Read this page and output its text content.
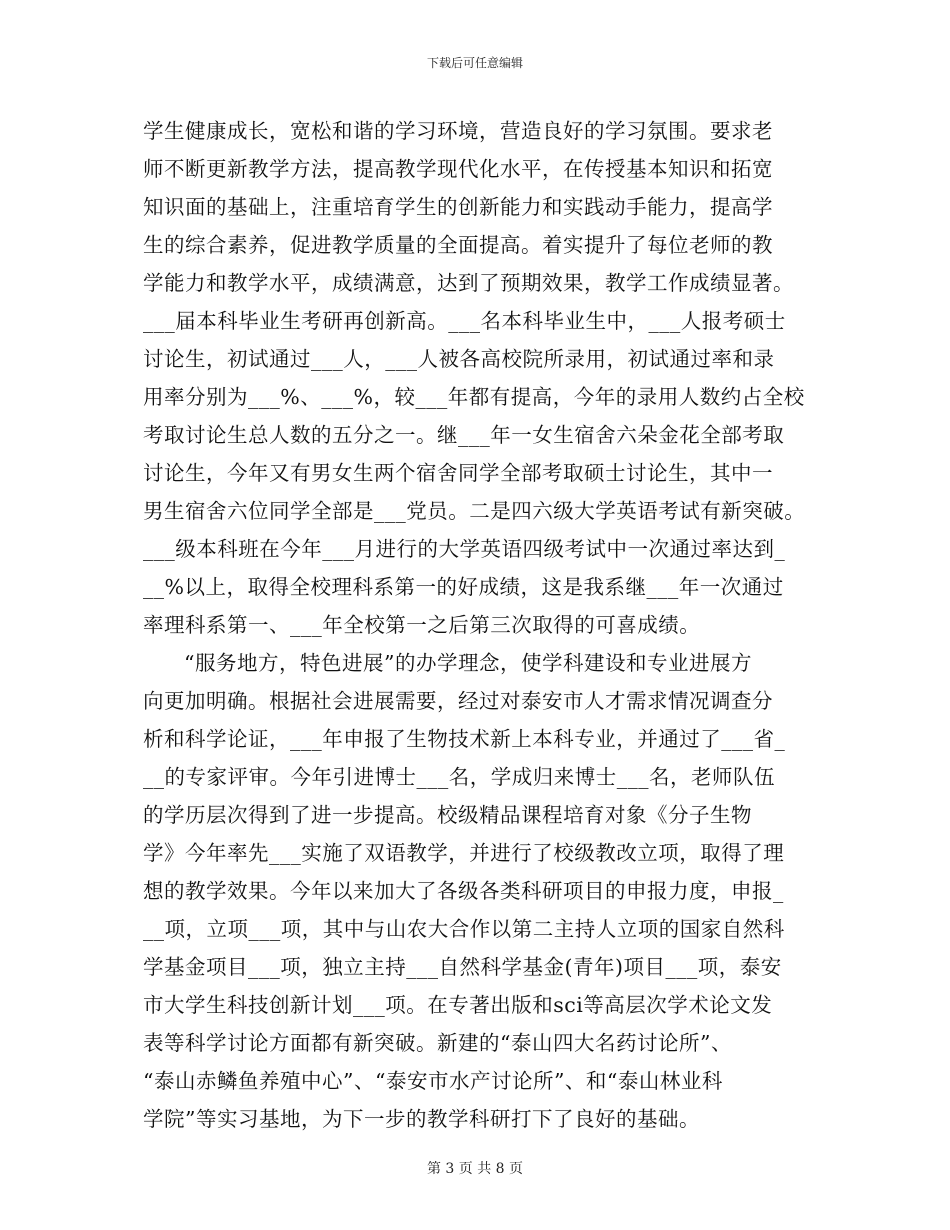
下载后可任意编辑
学生健康成长，宽松和谐的学习环境，营造良好的学习氛围。要求老
师不断更新教学方法，提高教学现代化水平，在传授基本知识和拓宽
知识面的基础上，注重培育学生的创新能力和实践动手能力，提高学
生的综合素养，促进教学质量的全面提高。着实提升了每位老师的教
学能力和教学水平，成绩满意，达到了预期效果，教学工作成绩显著。
___届本科毕业生考研再创新高。___名本科毕业生中，___人报考硕士
讨论生，初试通过___人，___人被各高校院所录用，初试通过率和录
用率分别为___%、___%，较___年都有提高，今年的录用人数约占全校
考取讨论生总人数的五分之一。继___年一女生宿舍六朵金花全部考取
讨论生，今年又有男女生两个宿舍同学全部考取硕士讨论生，其中一
男生宿舍六位同学全部是___党员。二是四六级大学英语考试有新突破。
___级本科班在今年___月进行的大学英语四级考试中一次通过率达到_
__%以上，取得全校理科系第一的好成绩，这是我系继___年一次通过
率理科系第一、___年全校第一之后第三次取得的可喜成绩。
“服务地方，特色进展”的办学理念，使学科建设和专业进展方
向更加明确。根据社会进展需要，经过对泰安市人才需求情况调查分
析和科学论证，___年申报了生物技术新上本科专业，并通过了___省_
__的专家评审。今年引进博士___名，学成归来博士___名，老师队伍
的学历层次得到了进一步提高。校级精品课程培育对象《分子生物
学》今年率先___实施了双语教学，并进行了校级教改立项，取得了理
想的教学效果。今年以来加大了各级各类科研项目的申报力度，申报_
__项，立项___项，其中与山农大合作以第二主持人立项的国家自然科
学基金项目___项，独立主持___自然科学基金(青年)项目___项，泰安
市大学生科技创新计划___项。在专著出版和sci等高层次学术论文发
表等科学讨论方面都有新突破。新建的“泰山四大名药讨论所”、
“泰山赤鳞鱼养殖中心”、“泰安市水产讨论所”、和“泰山林业科
学院”等实习基地，为下一步的教学科研打下了良好的基础。
第 3 页 共 8 页
